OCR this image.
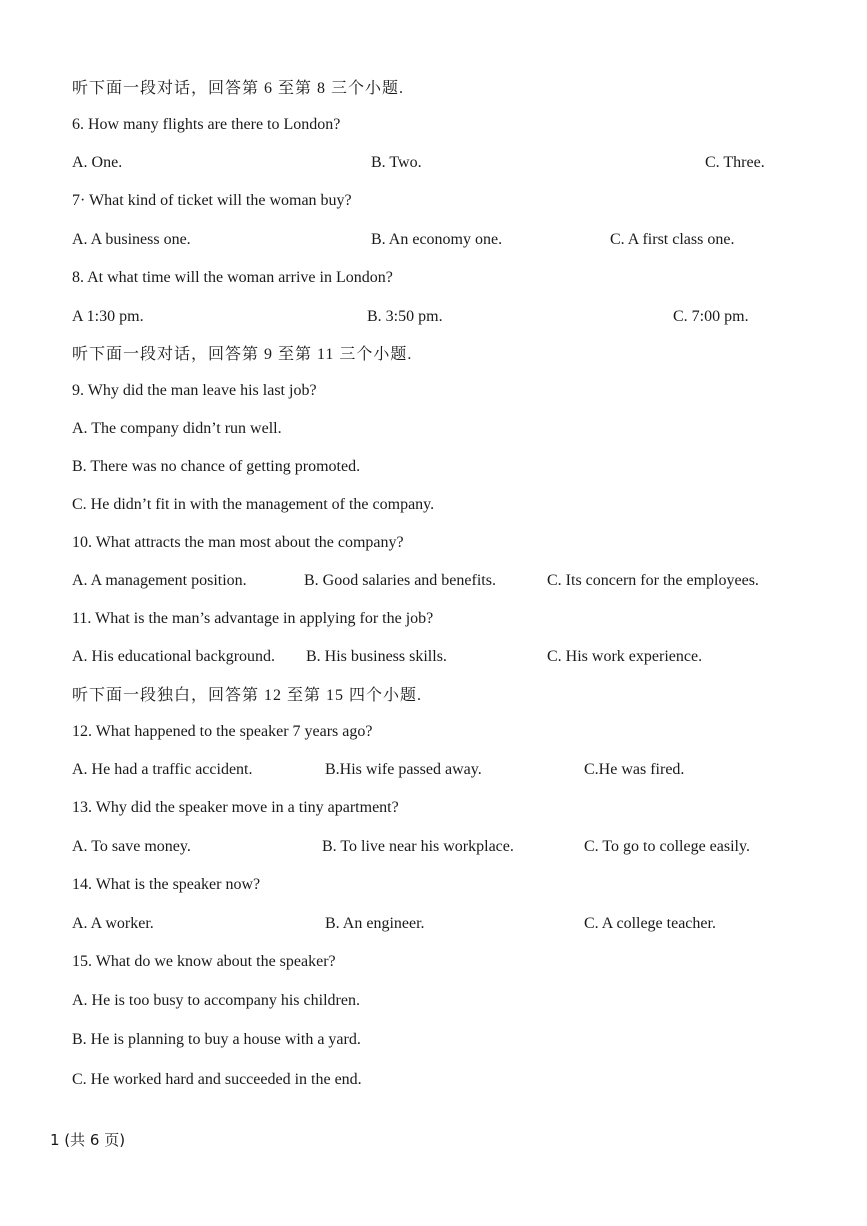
听下面一段对话，回答第 6 至第 8 三个小题.
6. How many flights are there to London?
A. One.	B. Two.	C. Three.
7· What kind of ticket will the woman buy?
A. A business one.	B. An economy one.	C. A first class one.
8. At what time will the woman arrive in London?
A 1:30 pm.	B. 3:50 pm.	C. 7:00 pm.
听下面一段对话，回答第 9 至第 11 三个小题.
9. Why did the man leave his last job?
A. The company didn’t run well.
B. There was no chance of getting promoted.
C. He didn’t fit in with the management of the company.
10. What attracts the man most about the company?
A. A management position.	B. Good salaries and benefits.	C. Its concern for the employees.
11. What is the man’s advantage in applying for the job?
A. His educational background. B. His business skills.	C. His work experience.
听下面一段独白，回答第 12 至第 15 四个小题.
12. What happened to the speaker 7 years ago?
A. He had a traffic accident.	B.His wife passed away.	C.He was fired.
13. Why did the speaker move in a tiny apartment?
A. To save money.	B. To live near his workplace.	C. To go to college easily.
14. What is the speaker now?
A. A worker.	B. An engineer.	C. A college teacher.
15. What do we know about the speaker?
A. He is too busy to accompany his children.
B. He is planning to buy a house with a yard.
C. He worked hard and succeeded in the end.
1 (共 6 页)
